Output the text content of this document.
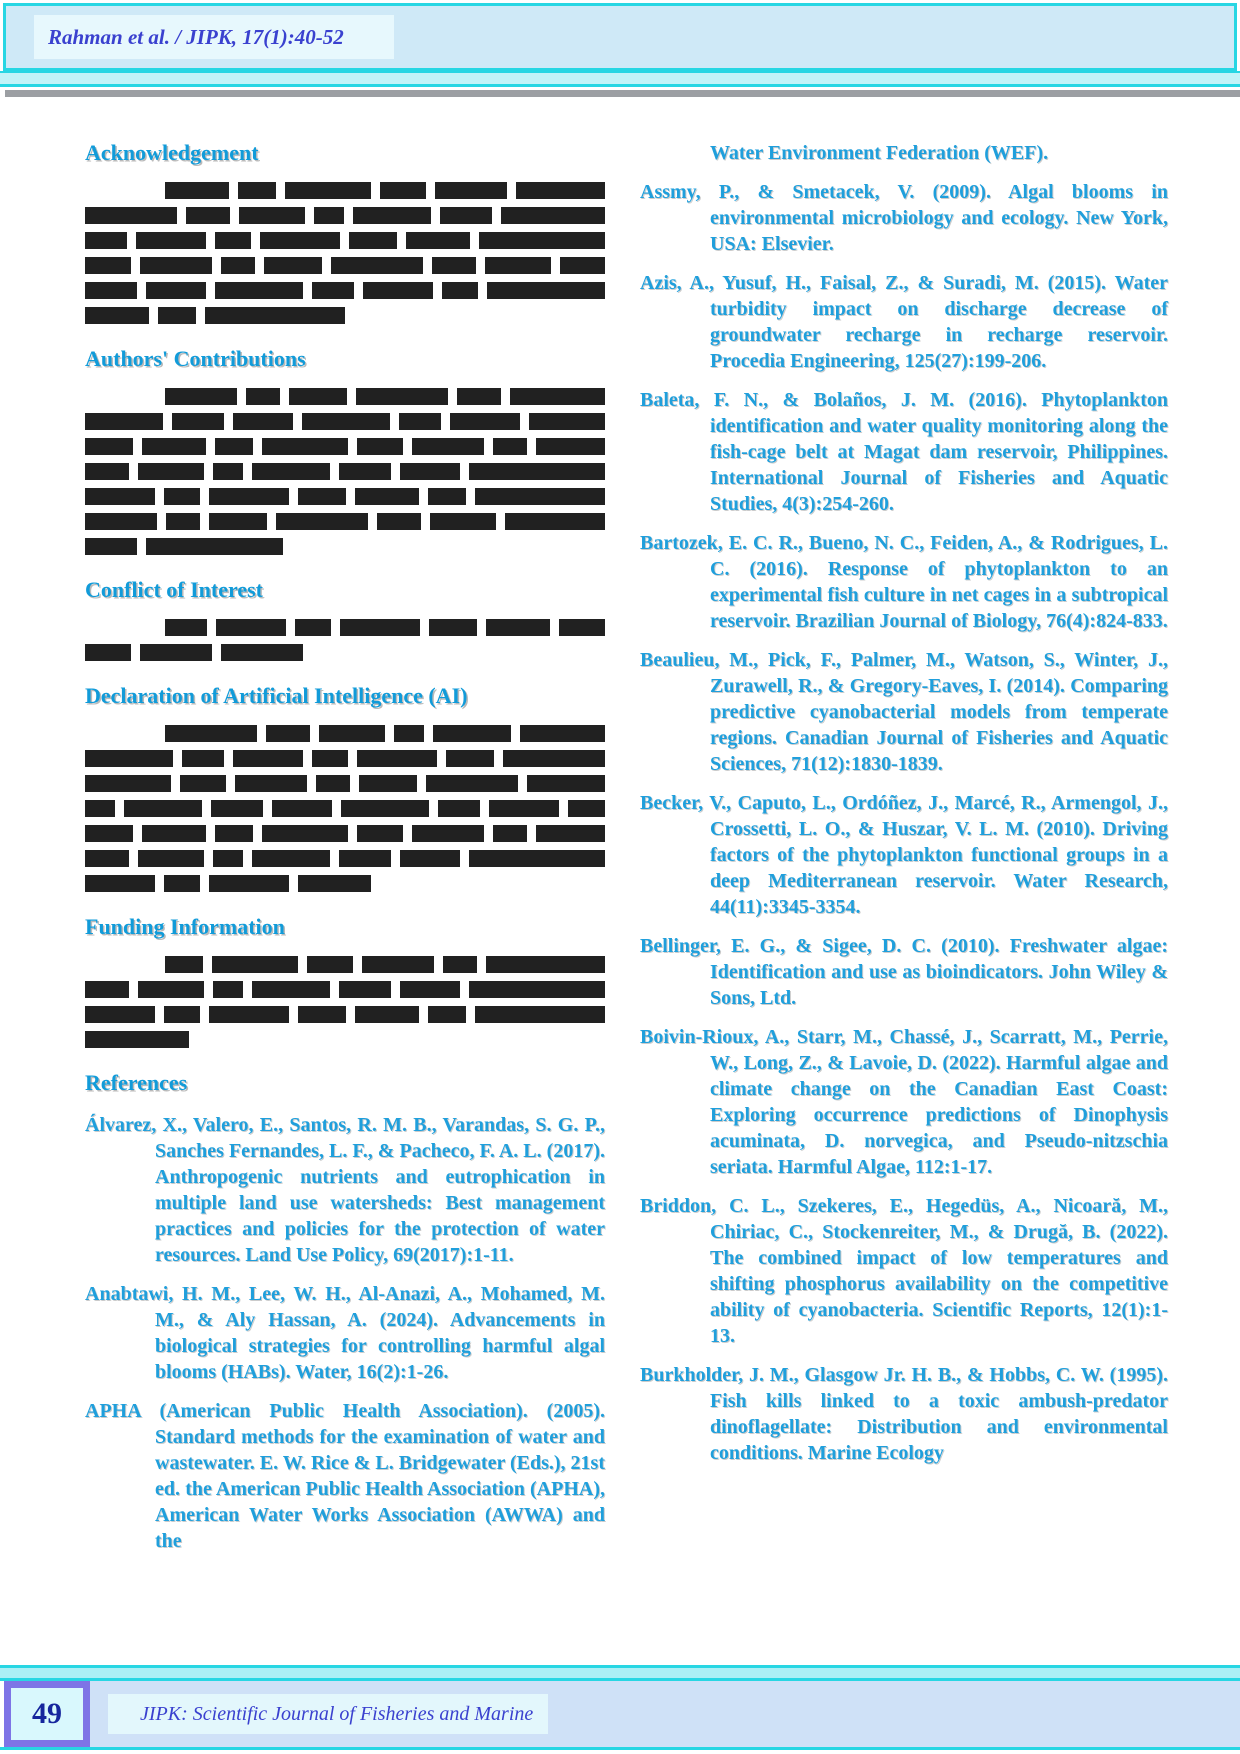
Rahman et al. / JIPK, 17(1):40-52
Acknowledgement
Authors' Contributions
Conflict of Interest
Declaration of Artificial Intelligence (AI)
Funding Information
References

Álvarez, X., Valero, E., Santos, R. M. B., Varandas, S. G. P., Sanches Fernandes, L. F., & Pacheco, F. A. L. (2017). Anthropogenic nutrients and eutrophication in multiple land use watersheds: Best management practices and policies for the protection of water resources. Land Use Policy, 69(2017):1-11.

Anabtawi, H. M., Lee, W. H., Al-Anazi, A., Mohamed, M. M., & Aly Hassan, A. (2024). Advancements in biological strategies for controlling harmful algal blooms (HABs). Water, 16(2):1-26.

APHA (American Public Health Association). (2005). Standard methods for the examination of water and wastewater. E. W. Rice & L. Bridgewater (Eds.), 21st ed. the American Public Health Association (APHA), American Water Works Association (AWWA) and the

Water Environment Federation (WEF).

Assmy, P., & Smetacek, V. (2009). Algal blooms in environmental microbiology and ecology. New York, USA: Elsevier.

Azis, A., Yusuf, H., Faisal, Z., & Suradi, M. (2015). Water turbidity impact on discharge decrease of groundwater recharge in recharge reservoir. Procedia Engineering, 125(27):199-206.

Baleta, F. N., & Bolaños, J. M. (2016). Phytoplankton identification and water quality monitoring along the fish-cage belt at Magat dam reservoir, Philippines. International Journal of Fisheries and Aquatic Studies, 4(3):254-260.

Bartozek, E. C. R., Bueno, N. C., Feiden, A., & Rodrigues, L. C. (2016). Response of phytoplankton to an experimental fish culture in net cages in a subtropical reservoir. Brazilian Journal of Biology, 76(4):824-833.

Beaulieu, M., Pick, F., Palmer, M., Watson, S., Winter, J., Zurawell, R., & Gregory-Eaves, I. (2014). Comparing predictive cyanobacterial models from temperate regions. Canadian Journal of Fisheries and Aquatic Sciences, 71(12):1830-1839.

Becker, V., Caputo, L., Ordóñez, J., Marcé, R., Armengol, J., Crossetti, L. O., & Huszar, V. L. M. (2010). Driving factors of the phytoplankton functional groups in a deep Mediterranean reservoir. Water Research, 44(11):3345-3354.

Bellinger, E. G., & Sigee, D. C. (2010). Freshwater algae: Identification and use as bioindicators. John Wiley & Sons, Ltd.

Boivin-Rioux, A., Starr, M., Chassé, J., Scarratt, M., Perrie, W., Long, Z., & Lavoie, D. (2022). Harmful algae and climate change on the Canadian East Coast: Exploring occurrence predictions of Dinophysis acuminata, D. norvegica, and Pseudo-nitzschia seriata. Harmful Algae, 112:1-17.

Briddon, C. L., Szekeres, E., Hegedüs, A., Nicoară, M., Chiriac, C., Stockenreiter, M., & Drugă, B. (2022). The combined impact of low temperatures and shifting phosphorus availability on the competitive ability of cyanobacteria. Scientific Reports, 12(1):1-13.

Burkholder, J. M., Glasgow Jr. H. B., & Hobbs, C. W. (1995). Fish kills linked to a toxic ambush-predator dinoflagellate: Distribution and environmental conditions. Marine Ecology

49	JIPK: Scientific Journal of Fisheries and Marine
